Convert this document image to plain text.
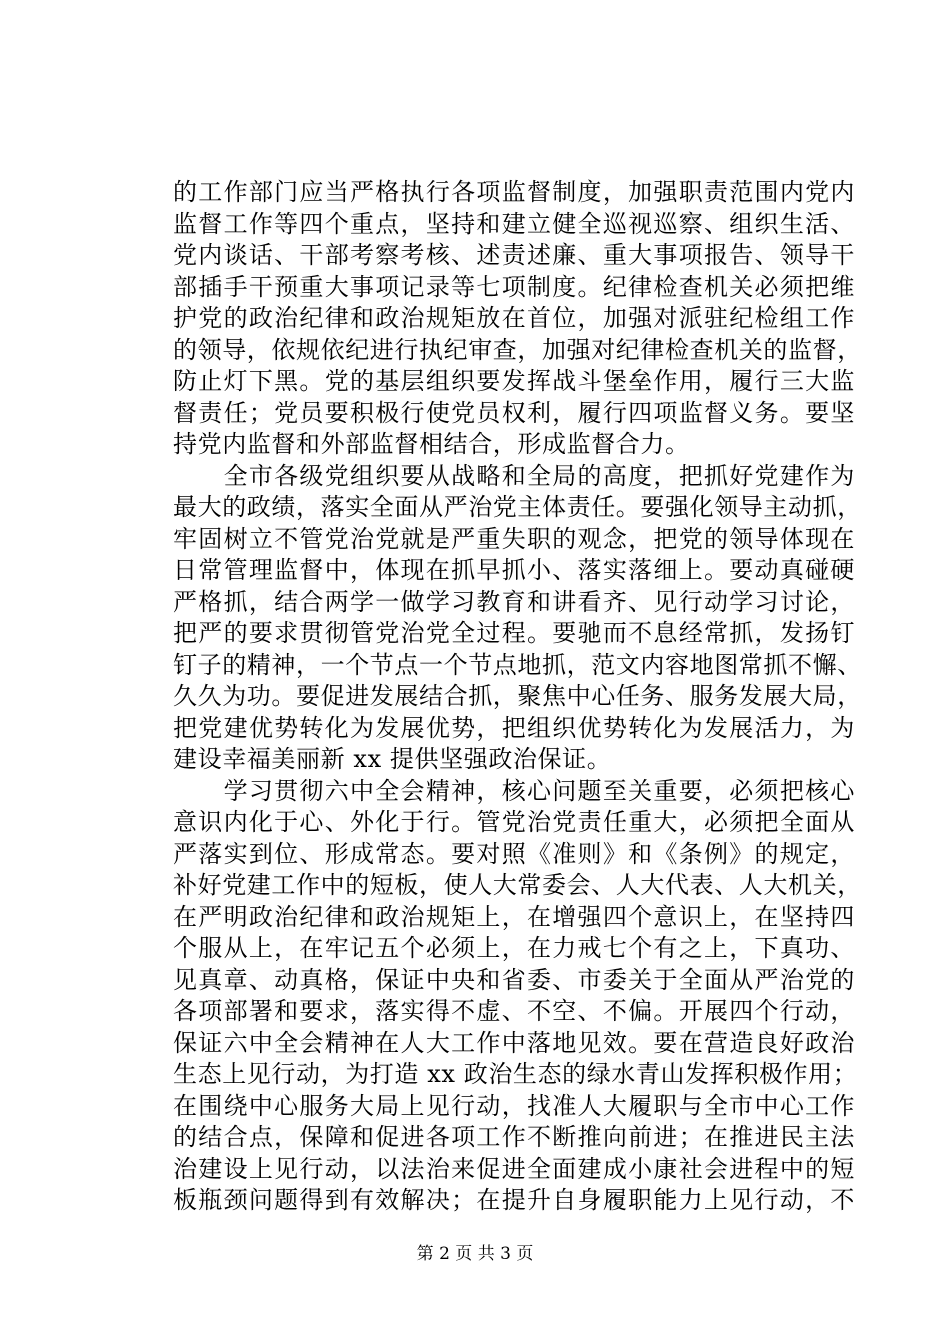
的工作部门应当严格执行各项监督制度，加强职责范围内党内
监督工作等四个重点，坚持和建立健全巡视巡察、组织生活、
党内谈话、干部考察考核、述责述廉、重大事项报告、领导干
部插手干预重大事项记录等七项制度。纪律检查机关必须把维
护党的政治纪律和政治规矩放在首位，加强对派驻纪检组工作
的领导，依规依纪进行执纪审查，加强对纪律检查机关的监督，
防止灯下黑。党的基层组织要发挥战斗堡垒作用，履行三大监
督责任；党员要积极行使党员权利，履行四项监督义务。要坚
持党内监督和外部监督相结合，形成监督合力。
　　全市各级党组织要从战略和全局的高度，把抓好党建作为
最大的政绩，落实全面从严治党主体责任。要强化领导主动抓，
牢固树立不管党治党就是严重失职的观念，把党的领导体现在
日常管理监督中，体现在抓早抓小、落实落细上。要动真碰硬
严格抓，结合两学一做学习教育和讲看齐、见行动学习讨论，
把严的要求贯彻管党治党全过程。要驰而不息经常抓，发扬钉
钉子的精神，一个节点一个节点地抓，范文内容地图常抓不懈、
久久为功。要促进发展结合抓，聚焦中心任务、服务发展大局，
把党建优势转化为发展优势，把组织优势转化为发展活力，为
建设幸福美丽新 xx 提供坚强政治保证。
　　学习贯彻六中全会精神，核心问题至关重要，必须把核心
意识内化于心、外化于行。管党治党责任重大，必须把全面从
严落实到位、形成常态。要对照《准则》和《条例》的规定，
补好党建工作中的短板，使人大常委会、人大代表、人大机关，
在严明政治纪律和政治规矩上，在增强四个意识上，在坚持四
个服从上，在牢记五个必须上，在力戒七个有之上，下真功、
见真章、动真格，保证中央和省委、市委关于全面从严治党的
各项部署和要求，落实得不虚、不空、不偏。开展四个行动，
保证六中全会精神在人大工作中落地见效。要在营造良好政治
生态上见行动，为打造 xx 政治生态的绿水青山发挥积极作用；
在围绕中心服务大局上见行动，找准人大履职与全市中心工作
的结合点，保障和促进各项工作不断推向前进；在推进民主法
治建设上见行动，以法治来促进全面建成小康社会进程中的短
板瓶颈问题得到有效解决；在提升自身履职能力上见行动，不
第 2 页 共 3 页
